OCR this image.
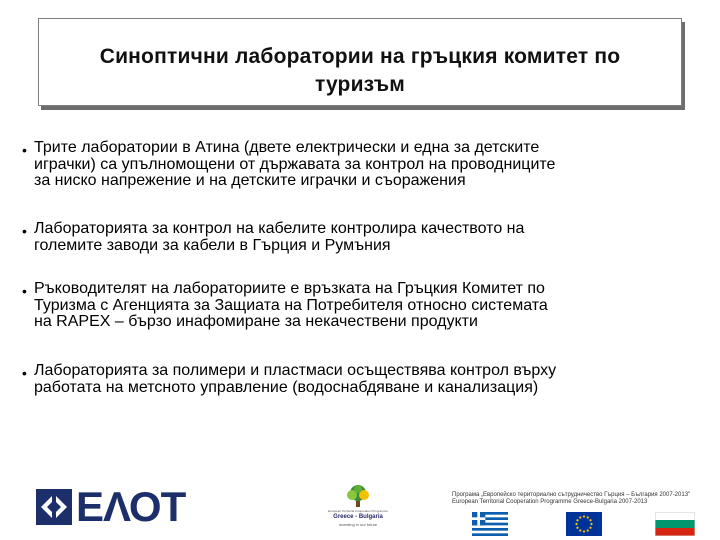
Синоптични лаборатории на гръцкия комитет по
туризъм
• Трите лаборатории в Атина (двете електрически и една за детските
играчки) са упълномощени от държавата за контрол на проводниците
за ниско напрежение и на детските играчки и съоражения
• Лабораторията за контрол на кабелите контролира качеството на
големите заводи за кабели в Гърция и Румъния
• Ръководителят на лабораториите е връзката на Гръцкия Комитет по
Туризма с Агенцията за Защиата на Потребителя относно системата
на RAPEX – бързо инафомиране за некачествени продукти
• Лабораторията за полимери и пластмаси осъществява контрол върху
работата на метсното управление (водоснабдяване и канализация)
ЕΛΟΤ	European Territorial Cooperation Programme
Greece - Bulgaria
investing in our future
Програма „Европейско териториално сътрудничество Гърция – България 2007-2013"
European Territorial Cooperation Programme Greece-Bulgaria 2007-2013
